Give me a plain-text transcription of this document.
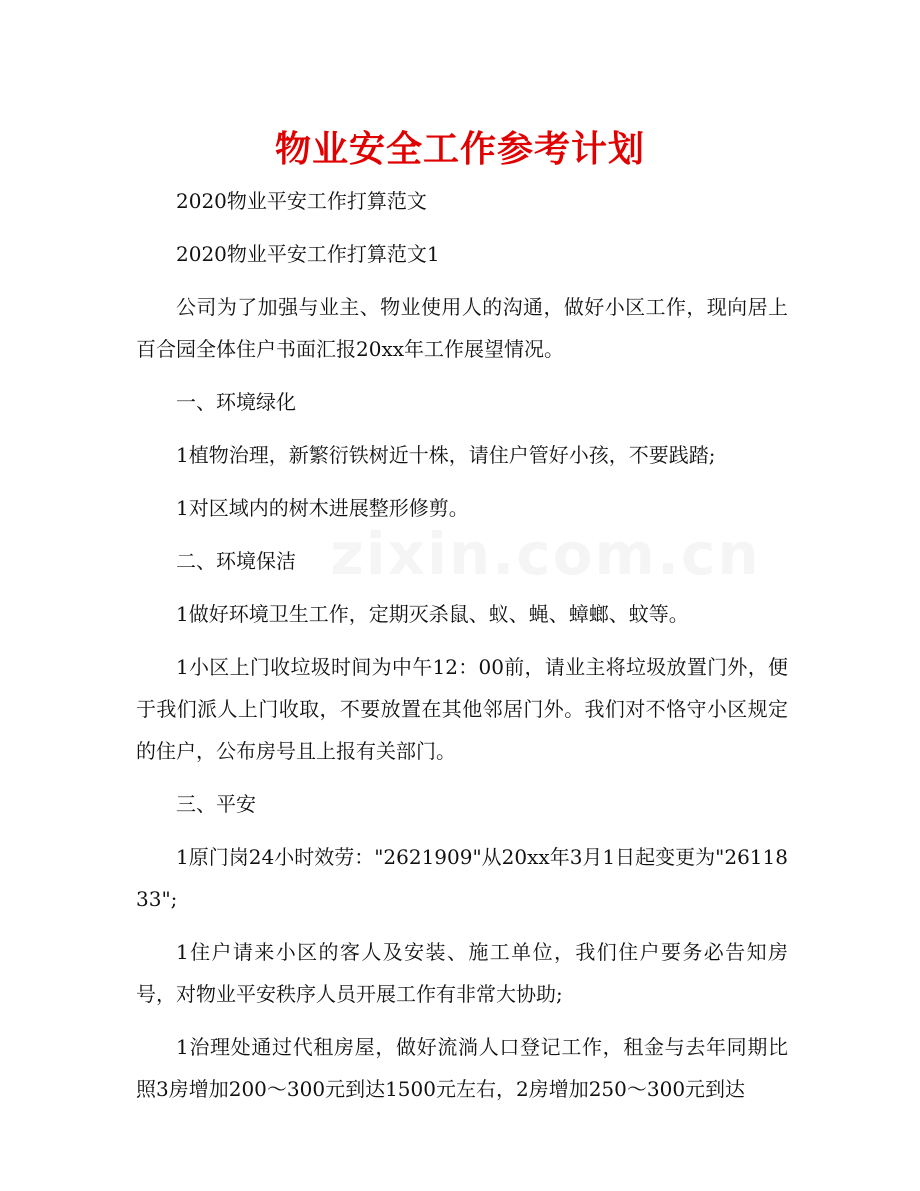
物业安全工作参考计划

2020物业平安工作打算范文

2020物业平安工作打算范文1

公司为了加强与业主、物业使用人的沟通，做好小区工作，现向居上百合园全体住户书面汇报20xx年工作展望情况。

一、环境绿化

1植物治理，新繁衍铁树近十株，请住户管好小孩，不要践踏;

1对区域内的树木进展整形修剪。

二、环境保洁

1做好环境卫生工作，定期灭杀鼠、蚁、蝇、蟑螂、蚊等。

1小区上门收垃圾时间为中午12：00前，请业主将垃圾放置门外，便于我们派人上门收取，不要放置在其他邻居门外。我们对不恪守小区规定的住户，公布房号且上报有关部门。

三、平安

1原门岗24小时效劳："2621909"从20xx年3月1日起变更为"2611833";

1住户请来小区的客人及安装、施工单位，我们住户要务必告知房号，对物业平安秩序人员开展工作有非常大协助;

1治理处通过代租房屋，做好流淌人口登记工作，租金与去年同期比照3房增加200～300元到达1500元左右，2房增加250～300元到达
